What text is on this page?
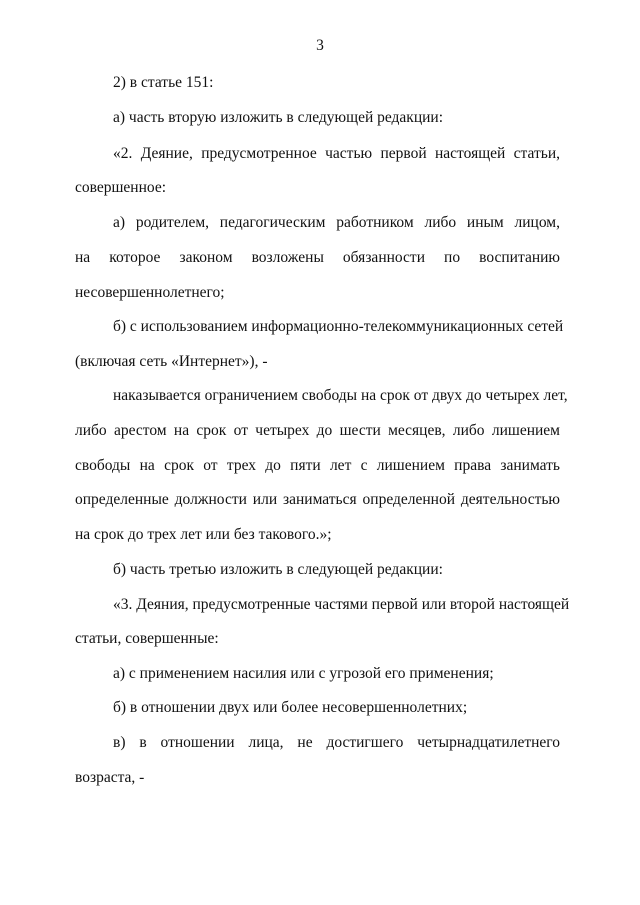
3
2) в статье 151:
а) часть вторую изложить в следующей редакции:
«2. Деяние, предусмотренное частью первой настоящей статьи,
совершенное:
а) родителем, педагогическим работником либо иным лицом,
на которое законом возложены обязанности по воспитанию
несовершеннолетнего;
б) с использованием информационно-телекоммуникационных сетей
(включая сеть «Интернет»), -
наказывается ограничением свободы на срок от двух до четырех лет,
либо арестом на срок от четырех до шести месяцев, либо лишением
свободы на срок от трех до пяти лет с лишением права занимать
определенные должности или заниматься определенной деятельностью
на срок до трех лет или без такового.»;
б) часть третью изложить в следующей редакции:
«3. Деяния, предусмотренные частями первой или второй настоящей
статьи, совершенные:
а) с применением насилия или с угрозой его применения;
б) в отношении двух или более несовершеннолетних;
в) в отношении лица, не достигшего четырнадцатилетнего
возраста, -
